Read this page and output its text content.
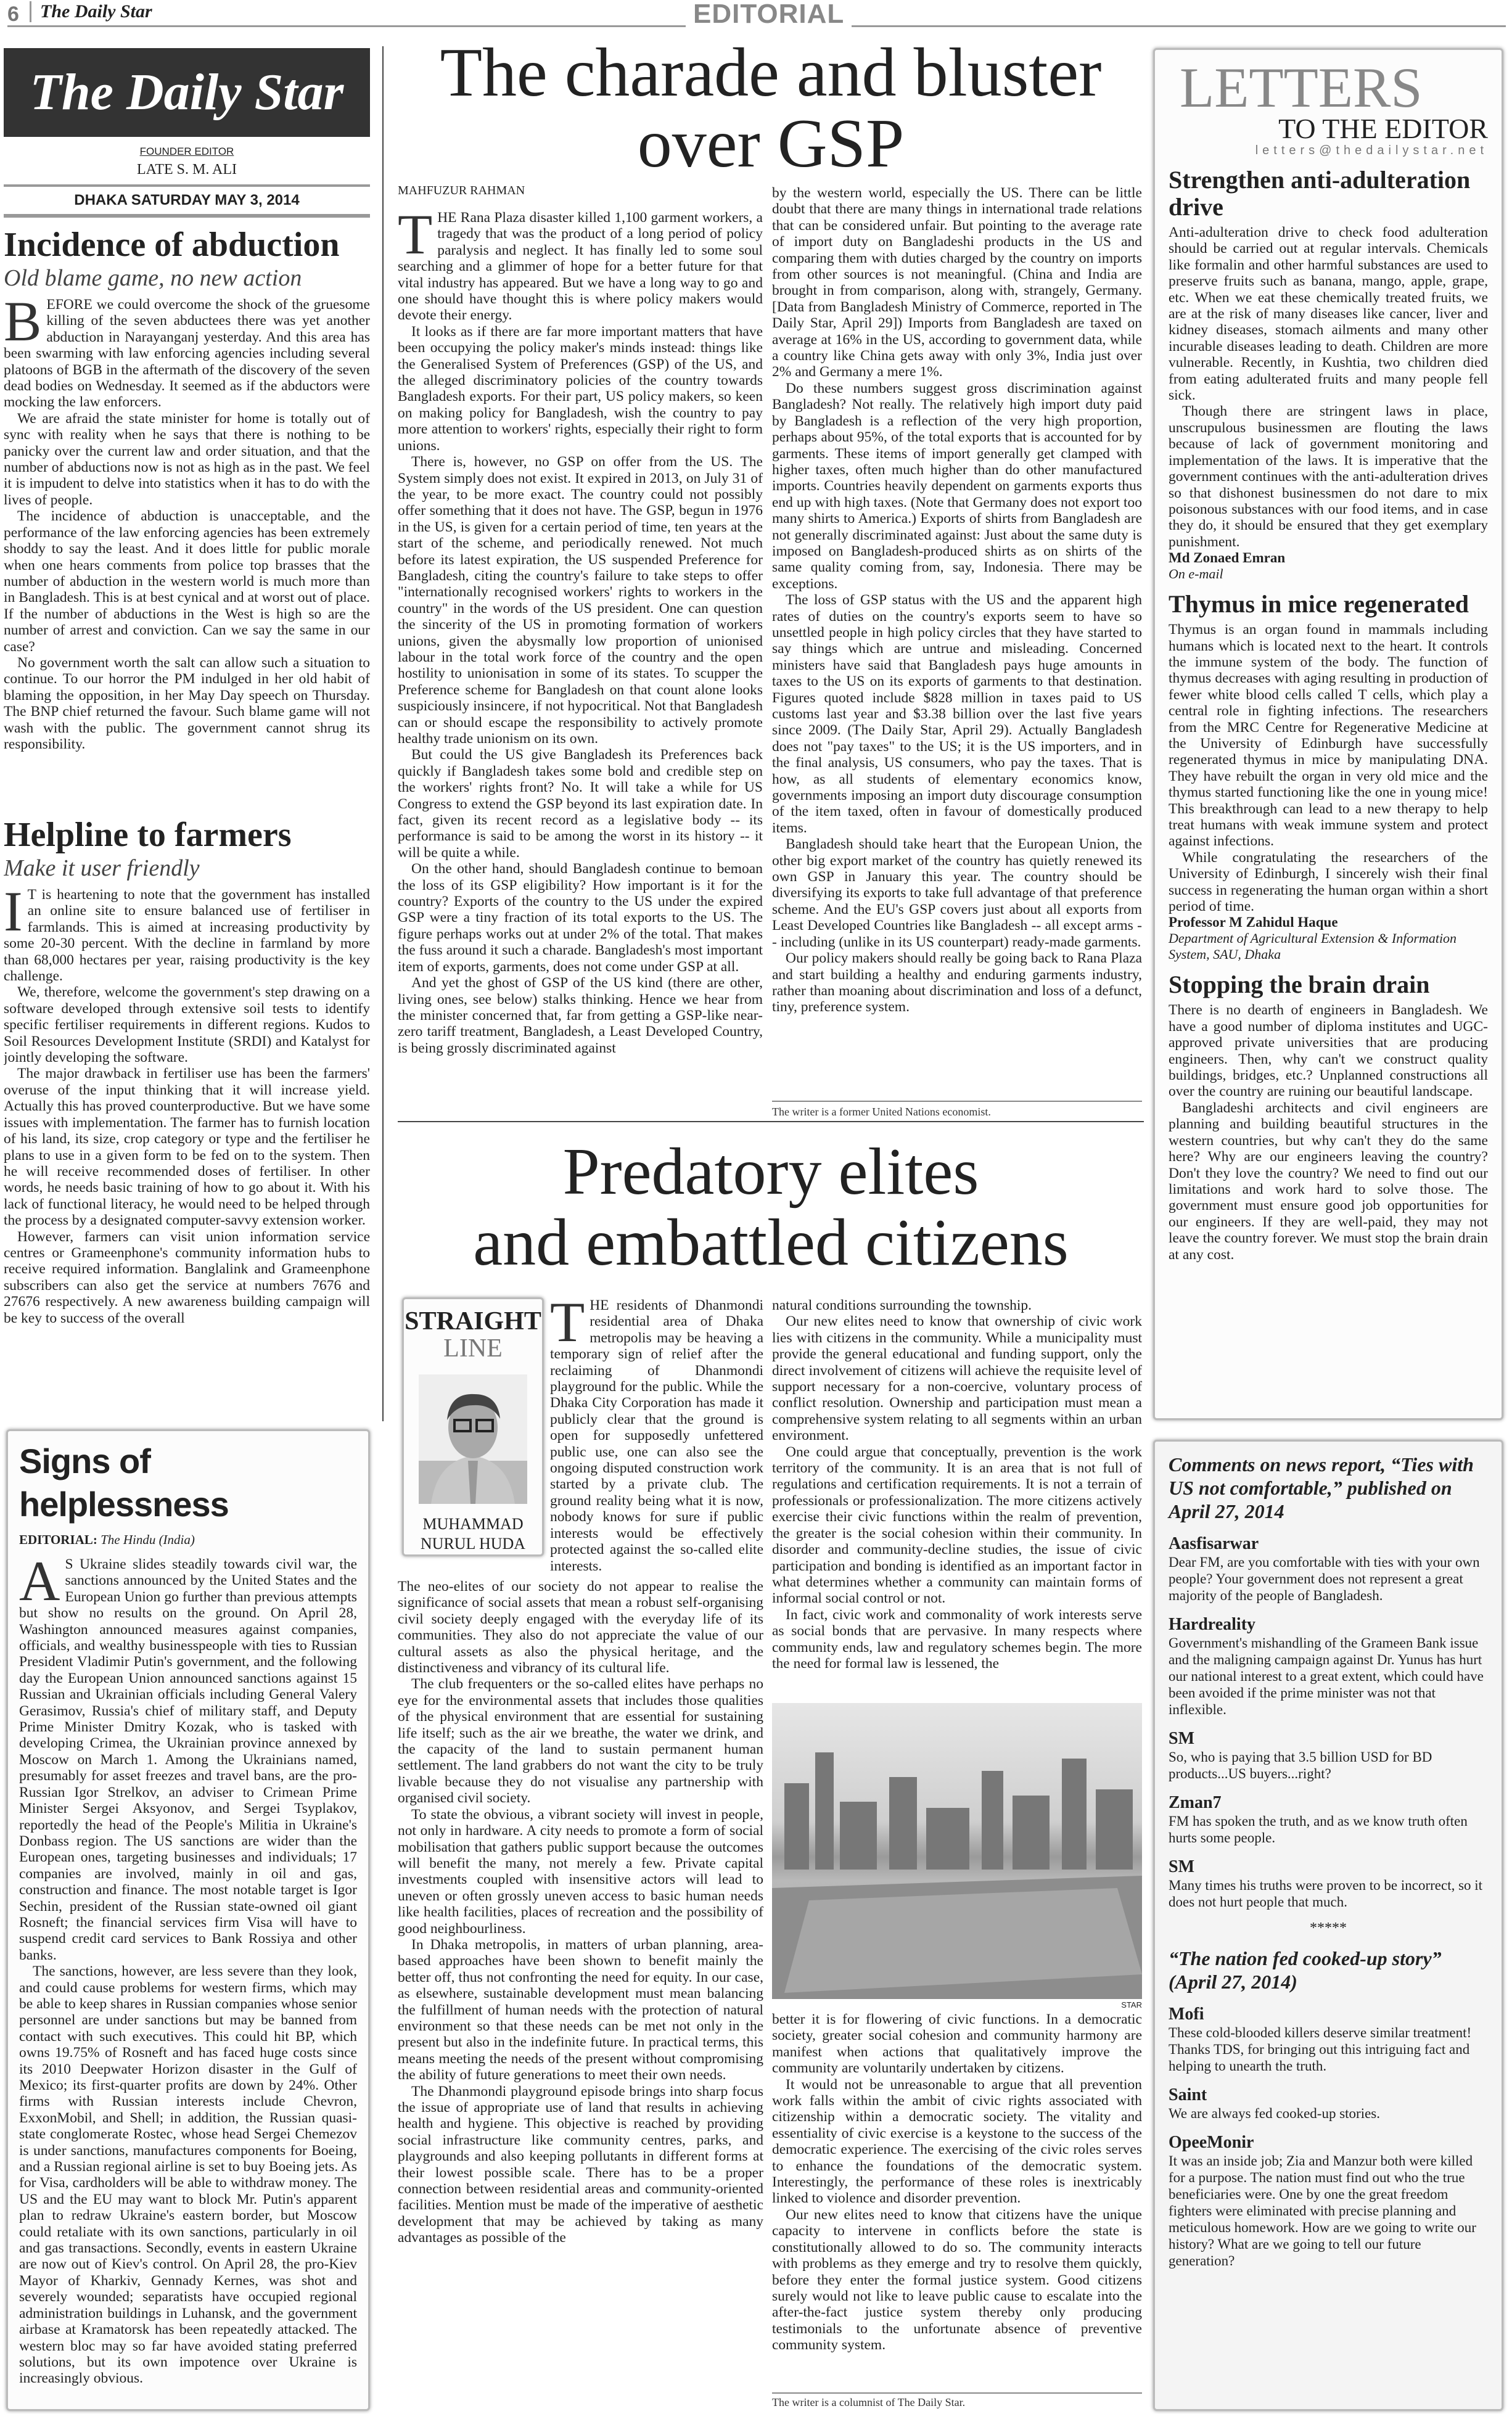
6	The Daily Star	EDITORIAL
The Daily Star
FOUNDER EDITOR
LATE S. M. ALI
DHAKA SATURDAY MAY 3, 2014
Incidence of abduction
Old blame game, no new action

BEFORE we could overcome the shock of the gruesome killing of the seven abductees there was yet another abduction in Narayanganj yesterday. And this area has been swarming with law enforcing agencies including several platoons of BGB in the aftermath of the discovery of the seven dead bodies on Wednesday. It seemed as if the abductors were mocking the law enforcers.

We are afraid the state minister for home is totally out of sync with reality when he says that there is nothing to be panicky over the current law and order situation, and that the number of abductions now is not as high as in the past. We feel it is impudent to delve into statistics when it has to do with the lives of people.

The incidence of abduction is unacceptable, and the performance of the law enforcing agencies has been extremely shoddy to say the least. And it does little for public morale when one hears comments from police top brasses that the number of abduction in the western world is much more than in Bangladesh. This is at best cynical and at worst out of place. If the number of abductions in the West is high so are the number of arrest and conviction. Can we say the same in our case?

No government worth the salt can allow such a situation to continue. To our horror the PM indulged in her old habit of blaming the opposition, in her May Day speech on Thursday. The BNP chief returned the favour. Such blame game will not wash with the public. The government cannot shrug its responsibility.

Helpline to farmers
Make it user friendly

IT is heartening to note that the government has installed an online site to ensure balanced use of fertiliser in farmlands. This is aimed at increasing productivity by some 20-30 percent. With the decline in farmland by more than 68,000 hectares per year, raising productivity is the key challenge.

We, therefore, welcome the government's step drawing on a software developed through extensive soil tests to identify specific fertiliser requirements in different regions. Kudos to Soil Resources Development Institute (SRDI) and Katalyst for jointly developing the software.

The major drawback in fertiliser use has been the farmers' overuse of the input thinking that it will increase yield. Actually this has proved counterproductive. But we have some issues with implementation. The farmer has to furnish location of his land, its size, crop category or type and the fertiliser he plans to use in a given form to be fed on to the system. Then he will receive recommended doses of fertiliser. In other words, he needs basic training of how to go about it. With his lack of functional literacy, he would need to be helped through the process by a designated computer-savvy extension worker.

However, farmers can visit union information service centres or Grameenphone's community information hubs to receive required information. Banglalink and Grameenphone subscribers can also get the service at numbers 7676 and 27676 respectively. A new awareness building campaign will be key to success of the overall

Signs of helplessness
EDITORIAL: The Hindu (India)

AS Ukraine slides steadily towards civil war, the sanctions announced by the United States and the European Union go further than previous attempts but show no results on the ground. On April 28, Washington announced measures against companies, officials, and wealthy businesspeople with ties to Russian President Vladimir Putin's government, and the following day the European Union announced sanctions against 15 Russian and Ukrainian officials including General Valery Gerasimov, Russia's chief of military staff, and Deputy Prime Minister Dmitry Kozak, who is tasked with developing Crimea, the Ukrainian province annexed by Moscow on March 1. Among the Ukrainians named, presumably for asset freezes and travel bans, are the pro-Russian Igor Strelkov, an adviser to Crimean Prime Minister Sergei Aksyonov, and Sergei Tsyplakov, reportedly the head of the People's Militia in Ukraine's Donbass region. The US sanctions are wider than the European ones, targeting businesses and individuals; 17 companies are involved, mainly in oil and gas, construction and finance. The most notable target is Igor Sechin, president of the Russian state-owned oil giant Rosneft; the financial services firm Visa will have to suspend credit card services to Bank Rossiya and other banks.

The sanctions, however, are less severe than they look, and could cause problems for western firms, which may be able to keep shares in Russian companies whose senior personnel are under sanctions but may be banned from contact with such executives. This could hit BP, which owns 19.75% of Rosneft and has faced huge costs since its 2010 Deepwater Horizon disaster in the Gulf of Mexico; its first-quarter profits are down by 24%. Other firms with Russian interests include Chevron, ExxonMobil, and Shell; in addition, the Russian quasi-state conglomerate Rostec, whose head Sergei Chemezov is under sanctions, manufactures components for Boeing, and a Russian regional airline is set to buy Boeing jets. As for Visa, cardholders will be able to withdraw money. The US and the EU may want to block Mr. Putin's apparent plan to redraw Ukraine's eastern border, but Moscow could retaliate with its own sanctions, particularly in oil and gas transactions. Secondly, events in eastern Ukraine are now out of Kiev's control. On April 28, the pro-Kiev Mayor of Kharkiv, Gennady Kernes, was shot and severely wounded; separatists have occupied regional administration buildings in Luhansk, and the government airbase at Kramatorsk has been repeatedly attacked. The western bloc may so far have avoided stating preferred solutions, but its own impotence over Ukraine is increasingly obvious.

The charade and bluster
over GSP
MAHFUZUR RAHMAN

THE Rana Plaza disaster killed 1,100 garment workers, a tragedy that was the product of a long period of policy paralysis and neglect. It has finally led to some soul searching and a glimmer of hope for a better future for that vital industry has appeared. But we have a long way to go and one should have thought this is where policy makers would devote their energy.

It looks as if there are far more important matters that have been occupying the policy maker's minds instead: things like the Generalised System of Preferences (GSP) of the US, and the alleged discriminatory policies of the country towards Bangladesh exports. For their part, US policy makers, so keen on making policy for Bangladesh, wish the country to pay more attention to workers' rights, especially their right to form unions.

There is, however, no GSP on offer from the US. The System simply does not exist. It expired in 2013, on July 31 of the year, to be more exact. The country could not possibly offer something that it does not have. The GSP, begun in 1976 in the US, is given for a certain period of time, ten years at the start of the scheme, and periodically renewed. Not much before its latest expiration, the US suspended Preference for Bangladesh, citing the country's failure to take steps to offer "internationally recognised workers' rights to workers in the country" in the words of the US president. One can question the sincerity of the US in promoting formation of workers unions, given the abysmally low proportion of unionised labour in the total work force of the country and the open hostility to unionisation in some of its states. To scupper the Preference scheme for Bangladesh on that count alone looks suspiciously insincere, if not hypocritical. Not that Bangladesh can or should escape the responsibility to actively promote healthy trade unionism on its own.

But could the US give Bangladesh its Preferences back quickly if Bangladesh takes some bold and credible step on the workers' rights front? No. It will take a while for US Congress to extend the GSP beyond its last expiration date. In fact, given its recent record as a legislative body -- its performance is said to be among the worst in its history -- it will be quite a while.

On the other hand, should Bangladesh continue to bemoan the loss of its GSP eligibility? How important is it for the country? Exports of the country to the US under the expired GSP were a tiny fraction of its total exports to the US. The figure perhaps works out at under 2% of the total. That makes the fuss around it such a charade. Bangladesh's most important item of exports, garments, does not come under GSP at all.

And yet the ghost of GSP of the US kind (there are other, living ones, see below) stalks thinking. Hence we hear from the minister concerned that, far from getting a GSP-like near-zero tariff treatment, Bangladesh, a Least Developed Country, is being grossly discriminated against

by the western world, especially the US. There can be little doubt that there are many things in international trade relations that can be considered unfair. But pointing to the average rate of import duty on Bangladeshi products in the US and comparing them with duties charged by the country on imports from other sources is not meaningful. (China and India are brought in from comparison, along with, strangely, Germany. [Data from Bangladesh Ministry of Commerce, reported in The Daily Star, April 29]) Imports from Bangladesh are taxed on average at 16% in the US, according to government data, while a country like China gets away with only 3%, India just over 2% and Germany a mere 1%.

Do these numbers suggest gross discrimination against Bangladesh? Not really. The relatively high import duty paid by Bangladesh is a reflection of the very high proportion, perhaps about 95%, of the total exports that is accounted for by garments. These items of import generally get clamped with higher taxes, often much higher than do other manufactured imports. Countries heavily dependent on garments exports thus end up with high taxes. (Note that Germany does not export too many shirts to America.) Exports of shirts from Bangladesh are not generally discriminated against: Just about the same duty is imposed on Bangladesh-produced shirts as on shirts of the same quality coming from, say, Indonesia. There may be exceptions.

The loss of GSP status with the US and the apparent high rates of duties on the country's exports seem to have so unsettled people in high policy circles that they have started to say things which are untrue and misleading. Concerned ministers have said that Bangladesh pays huge amounts in taxes to the US on its exports of garments to that destination. Figures quoted include $828 million in taxes paid to US customs last year and $3.38 billion over the last five years since 2009. (The Daily Star, April 29). Actually Bangladesh does not "pay taxes" to the US; it is the US importers, and in the final analysis, US consumers, who pay the taxes. That is how, as all students of elementary economics know, governments imposing an import duty discourage consumption of the item taxed, often in favour of domestically produced items.

Bangladesh should take heart that the European Union, the other big export market of the country has quietly renewed its own GSP in January this year. The country should be diversifying its exports to take full advantage of that preference scheme. And the EU's GSP covers just about all exports from Least Developed Countries like Bangladesh -- all except arms -- including (unlike in its US counterpart) ready-made garments.

Our policy makers should really be going back to Rana Plaza and start building a healthy and enduring garments industry, rather than moaning about discrimination and loss of a defunct, tiny, preference system.

The writer is a former United Nations economist.
Predatory elites
and embattled citizens
STRAIGHT
LINE
MUHAMMAD
NURUL HUDA

THE residents of Dhanmondi residential area of Dhaka metropolis may be heaving a temporary sign of relief after the reclaiming of Dhanmondi playground for the public. While the Dhaka City Corporation has made it publicly clear that the ground is open for supposedly unfettered public use, one can also see the ongoing disputed construction work started by a private club. The ground reality being what it is now, nobody knows for sure if public interests would be effectively protected against the so-called elite interests.

The neo-elites of our society do not appear to realise the significance of social assets that mean a robust self-organising civil society deeply engaged with the everyday life of its communities. They also do not appreciate the value of our cultural assets as also the physical heritage, and the distinctiveness and vibrancy of its cultural life.

The club frequenters or the so-called elites have perhaps no eye for the environmental assets that includes those qualities of the physical environment that are essential for sustaining life itself; such as the air we breathe, the water we drink, and the capacity of the land to sustain permanent human settlement. The land grabbers do not want the city to be truly livable because they do not visualise any partnership with organised civil society.

To state the obvious, a vibrant society will invest in people, not only in hardware. A city needs to promote a form of social mobilisation that gathers public support because the outcomes will benefit the many, not merely a few. Private capital investments coupled with insensitive actors will lead to uneven or often grossly uneven access to basic human needs like health facilities, places of recreation and the possibility of good neighbourliness.

In Dhaka metropolis, in matters of urban planning, area-based approaches have been shown to benefit mainly the better off, thus not confronting the need for equity. In our case, as elsewhere, sustainable development must mean balancing the fulfillment of human needs with the protection of natural environment so that these needs can be met not only in the present but also in the indefinite future. In practical terms, this means meeting the needs of the present without compromising the ability of future generations to meet their own needs.

The Dhanmondi playground episode brings into sharp focus the issue of appropriate use of land that results in achieving health and hygiene. This objective is reached by providing social infrastructure like community centres, parks, and playgrounds and also keeping pollutants in different forms at their lowest possible scale. There has to be a proper connection between residential areas and community-oriented facilities. Mention must be made of the imperative of aesthetic development that may be achieved by taking as many advantages as possible of the

natural conditions surrounding the township.

Our new elites need to know that ownership of civic work lies with citizens in the community. While a municipality must provide the general educational and funding support, only the direct involvement of citizens will achieve the requisite level of support necessary for a non-coercive, voluntary process of conflict resolution. Ownership and participation must mean a comprehensive system relating to all segments within an urban environment.

One could argue that conceptually, prevention is the work territory of the community. It is an area that is not full of regulations and certification requirements. It is not a terrain of professionals or professionalization. The more citizens actively exercise their civic functions within the realm of prevention, the greater is the social cohesion within their community. In disorder and community-decline studies, the issue of civic participation and bonding is identified as an important factor in what determines whether a community can maintain forms of informal social control or not.

In fact, civic work and commonality of work interests serve as social bonds that are pervasive. In many respects where community ends, law and regulatory schemes begin. The more the need for formal law is lessened, the

STAR

better it is for flowering of civic functions. In a democratic society, greater social cohesion and community harmony are manifest when actions that qualitatively improve the community are voluntarily undertaken by citizens.

It would not be unreasonable to argue that all prevention work falls within the ambit of civic rights associated with citizenship within a democratic society. The vitality and essentiality of civic exercise is a keystone to the success of the democratic experience. The exercising of the civic roles serves to enhance the foundations of the democratic system. Interestingly, the performance of these roles is inextricably linked to violence and disorder prevention.

Our new elites need to know that citizens have the unique capacity to intervene in conflicts before the state is constitutionally allowed to do so. The community interacts with problems as they emerge and try to resolve them quickly, before they enter the formal justice system. Good citizens surely would not like to leave public cause to escalate into the after-the-fact justice system thereby only producing testimonials to the unfortunate absence of preventive community system.

The writer is a columnist of The Daily Star.
LETTERS
TO THE EDITOR
letters@thedailystar.net
Strengthen anti-adulteration drive

Anti-adulteration drive to check food adulteration should be carried out at regular intervals. Chemicals like formalin and other harmful substances are used to preserve fruits such as banana, mango, apple, grape, etc. When we eat these chemically treated fruits, we are at the risk of many diseases like cancer, liver and kidney diseases, stomach ailments and many other incurable diseases leading to death. Children are more vulnerable. Recently, in Kushtia, two children died from eating adulterated fruits and many people fell sick.

Though there are stringent laws in place, unscrupulous businessmen are flouting the laws because of lack of government monitoring and implementation of the laws. It is imperative that the government continues with the anti-adulteration drives so that dishonest businessmen do not dare to mix poisonous substances with our food items, and in case they do, it should be ensured that they get exemplary punishment.

Md Zonaed Emran
On e-mail
Thymus in mice regenerated

Thymus is an organ found in mammals including humans which is located next to the heart. It controls the immune system of the body. The function of thymus decreases with aging resulting in production of fewer white blood cells called T cells, which play a central role in fighting infections. The researchers from the MRC Centre for Regenerative Medicine at the University of Edinburgh have successfully regenerated thymus in mice by manipulating DNA. They have rebuilt the organ in very old mice and the thymus started functioning like the one in young mice! This breakthrough can lead to a new therapy to help treat humans with weak immune system and protect against infections.

While congratulating the researchers of the University of Edinburgh, I sincerely wish their final success in regenerating the human organ within a short period of time.

Professor M Zahidul Haque
Department of Agricultural Extension & Information System, SAU, Dhaka
Stopping the brain drain

There is no dearth of engineers in Bangladesh. We have a good number of diploma institutes and UGC-approved private universities that are producing engineers. Then, why can't we construct quality buildings, bridges, etc.? Unplanned constructions all over the country are ruining our beautiful landscape.

Bangladeshi architects and civil engineers are planning and building beautiful structures in the western countries, but why can't they do the same here? Why are our engineers leaving the country? Don't they love the country? We need to find out our limitations and work hard to solve those. The government must ensure good job opportunities for our engineers. If they are well-paid, they may not leave the country forever. We must stop the brain drain at any cost.

Comments on news report, “Ties with US not comfortable,” published on April 27, 2014
Aasfisarwar
Dear FM, are you comfortable with ties with your own people? Your government does not represent a great majority of the people of Bangladesh.
Hardreality
Government's mishandling of the Grameen Bank issue and the maligning campaign against Dr. Yunus has hurt our national interest to a great extent, which could have been avoided if the prime minister was not that inflexible.
SM
So, who is paying that 3.5 billion USD for BD products...US buyers...right?
Zman7
FM has spoken the truth, and as we know truth often hurts some people.
SM
Many times his truths were proven to be incorrect, so it does not hurt people that much.
*****
“The nation fed cooked-up story” (April 27, 2014)
Mofi
These cold-blooded killers deserve similar treatment! Thanks TDS, for bringing out this intriguing fact and helping to unearth the truth.
Saint
We are always fed cooked-up stories.
OpeeMonir
It was an inside job; Zia and Manzur both were killed for a purpose. The nation must find out who the true beneficiaries were. One by one the great freedom fighters were eliminated with precise planning and meticulous homework. How are we going to write our history? What are we going to tell our future generation?
